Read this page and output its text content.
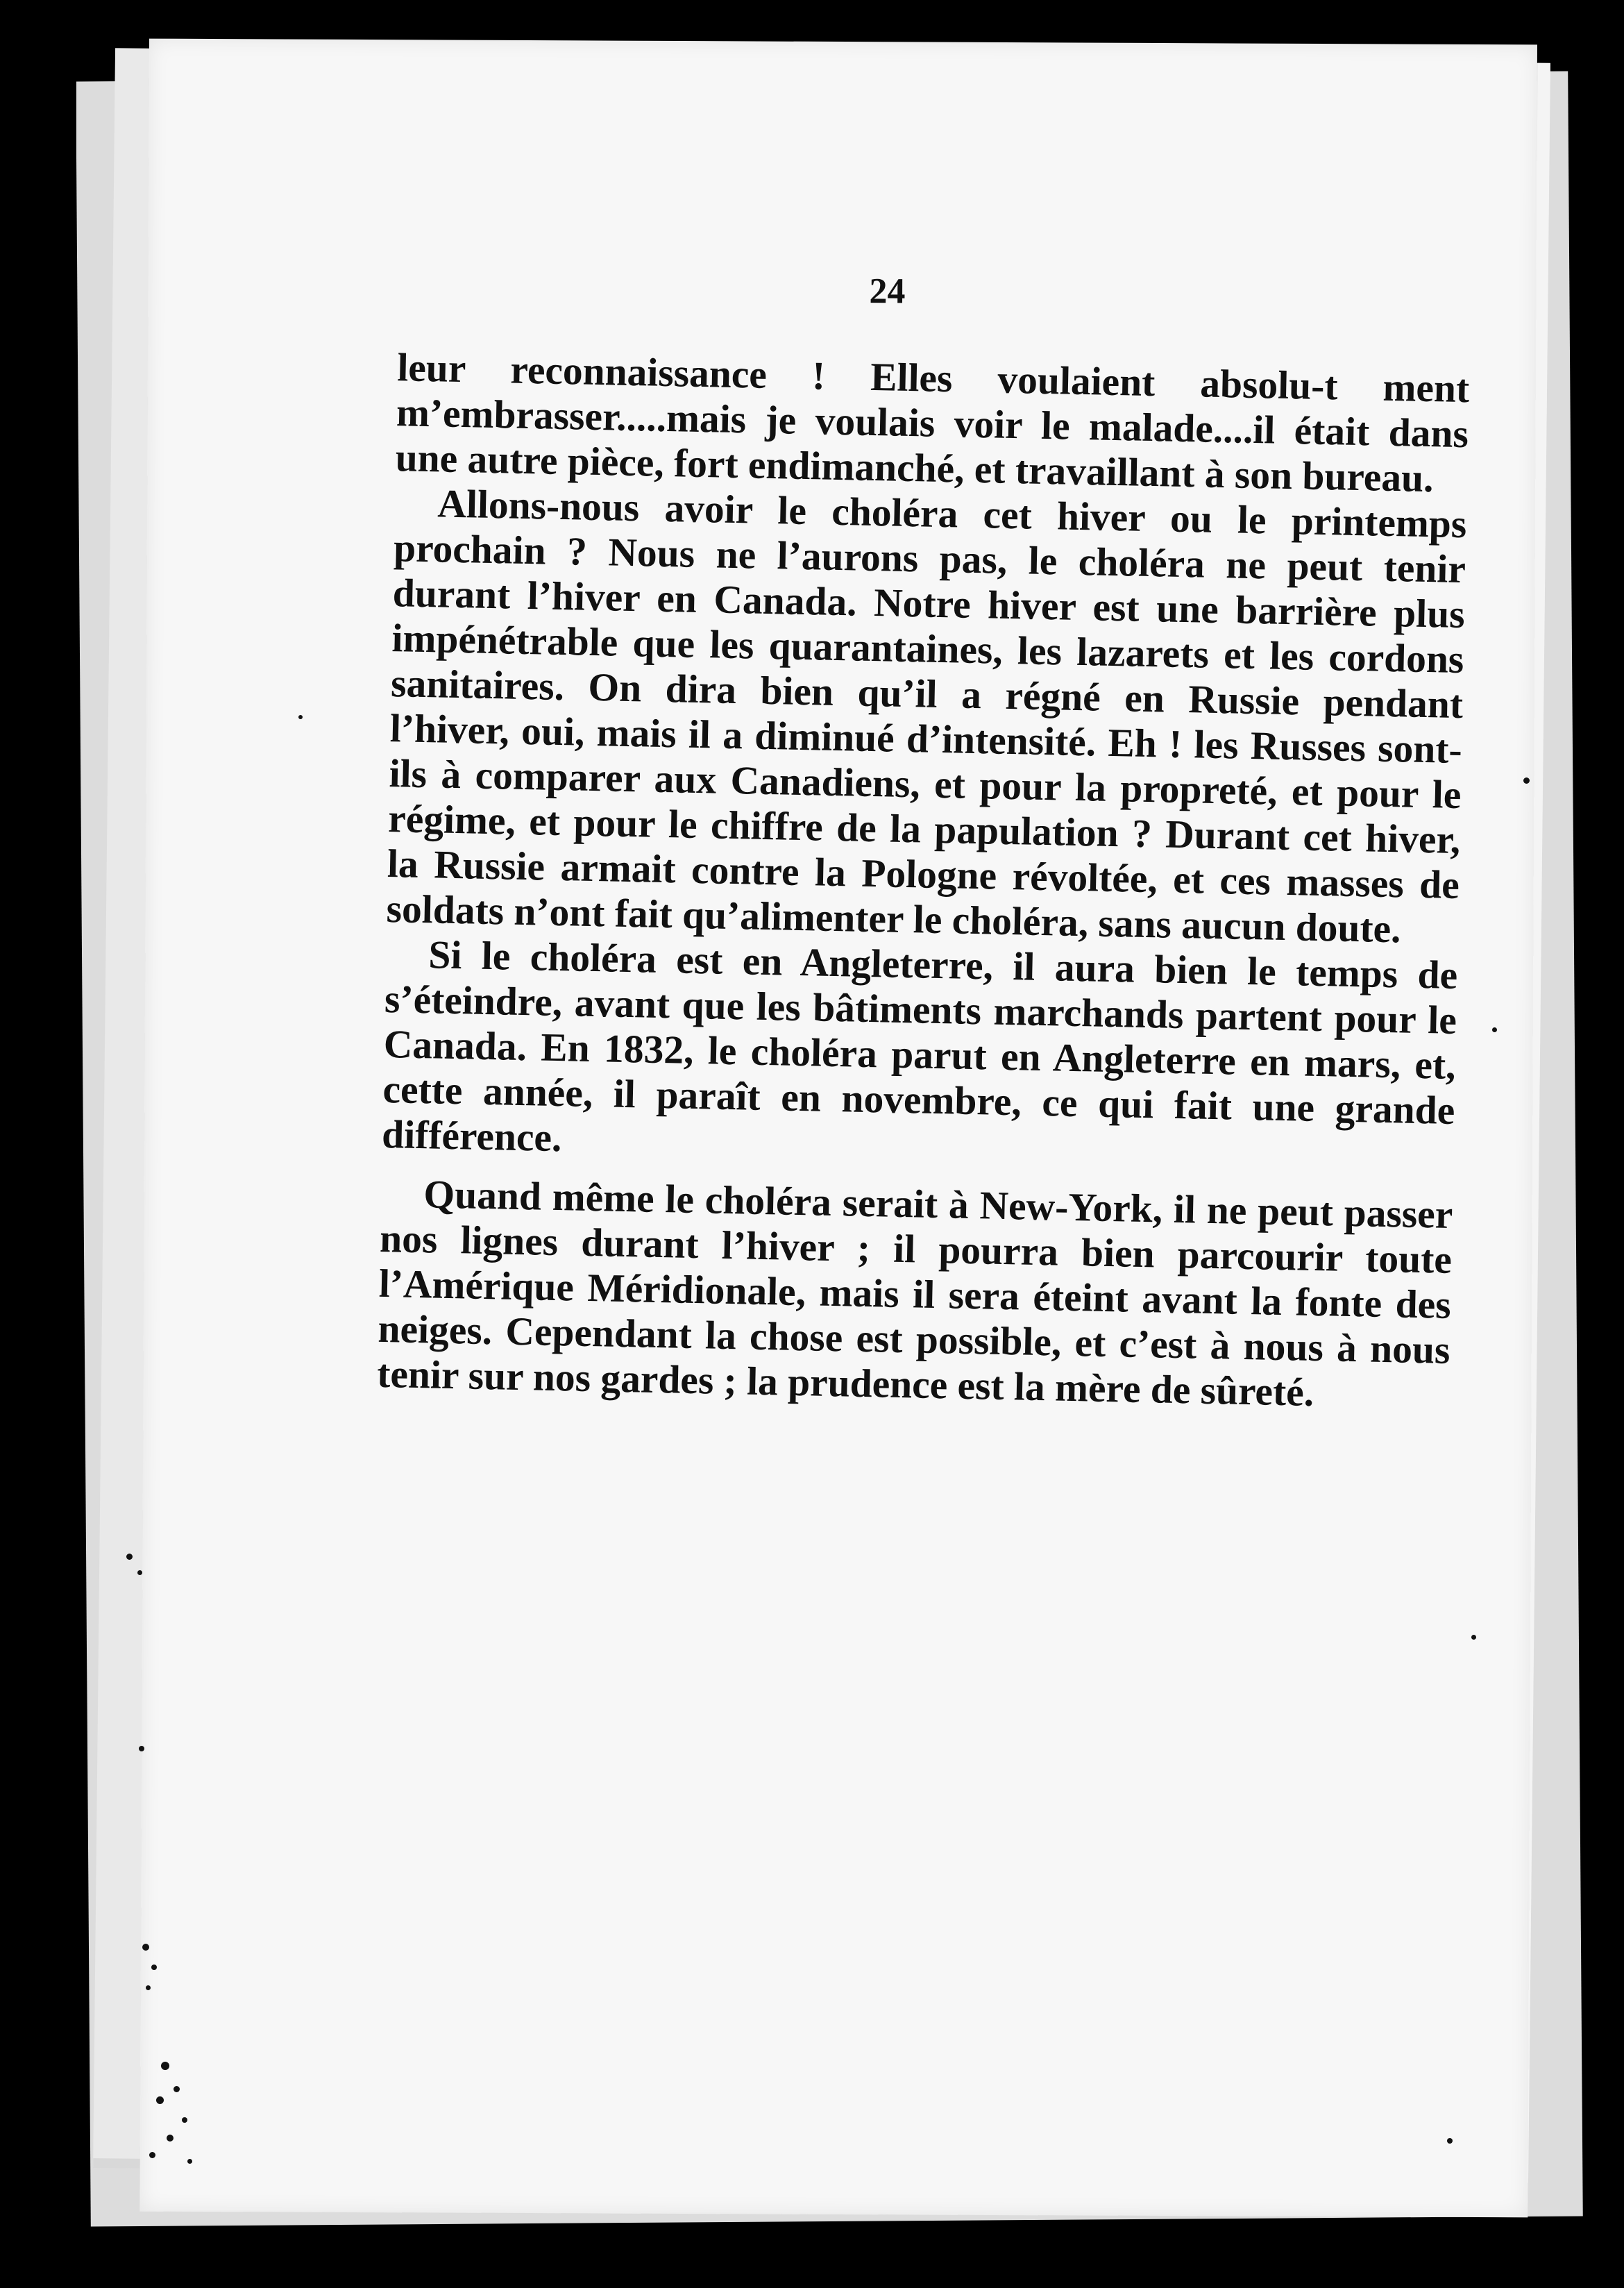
24

leur reconnaissance ! Elles voulaient absolu-t ment m’embrasser.....mais je voulais voir le malade....il était dans une autre pièce, fort endimanché, et travaillant à son bureau.

Allons-nous avoir le choléra cet hiver ou le printemps prochain ? Nous ne l’aurons pas, le choléra ne peut tenir durant l’hiver en Canada. Notre hiver est une barrière plus impénétrable que les quarantaines, les lazarets et les cordons sanitaires. On dira bien qu’il a régné en Russie pendant l’hiver, oui, mais il a diminué d’intensité. Eh ! les Russes sont-ils à comparer aux Canadiens, et pour la propreté, et pour le régime, et pour le chiffre de la papulation ? Durant cet hiver, la Russie armait contre la Pologne révoltée, et ces masses de soldats n’ont fait qu’alimenter le choléra, sans aucun doute.

Si le choléra est en Angleterre, il aura bien le temps de s’éteindre, avant que les bâtiments marchands partent pour le Canada. En 1832, le choléra parut en Angleterre en mars, et, cette année, il paraît en novembre, ce qui fait une grande différence.

Quand même le choléra serait à New-York, il ne peut passer nos lignes durant l’hiver ; il pourra bien parcourir toute l’Amérique Méridionale, mais il sera éteint avant la fonte des neiges. Cependant la chose est possible, et c’est à nous à nous tenir sur nos gardes ; la prudence est la mère de sûreté.
